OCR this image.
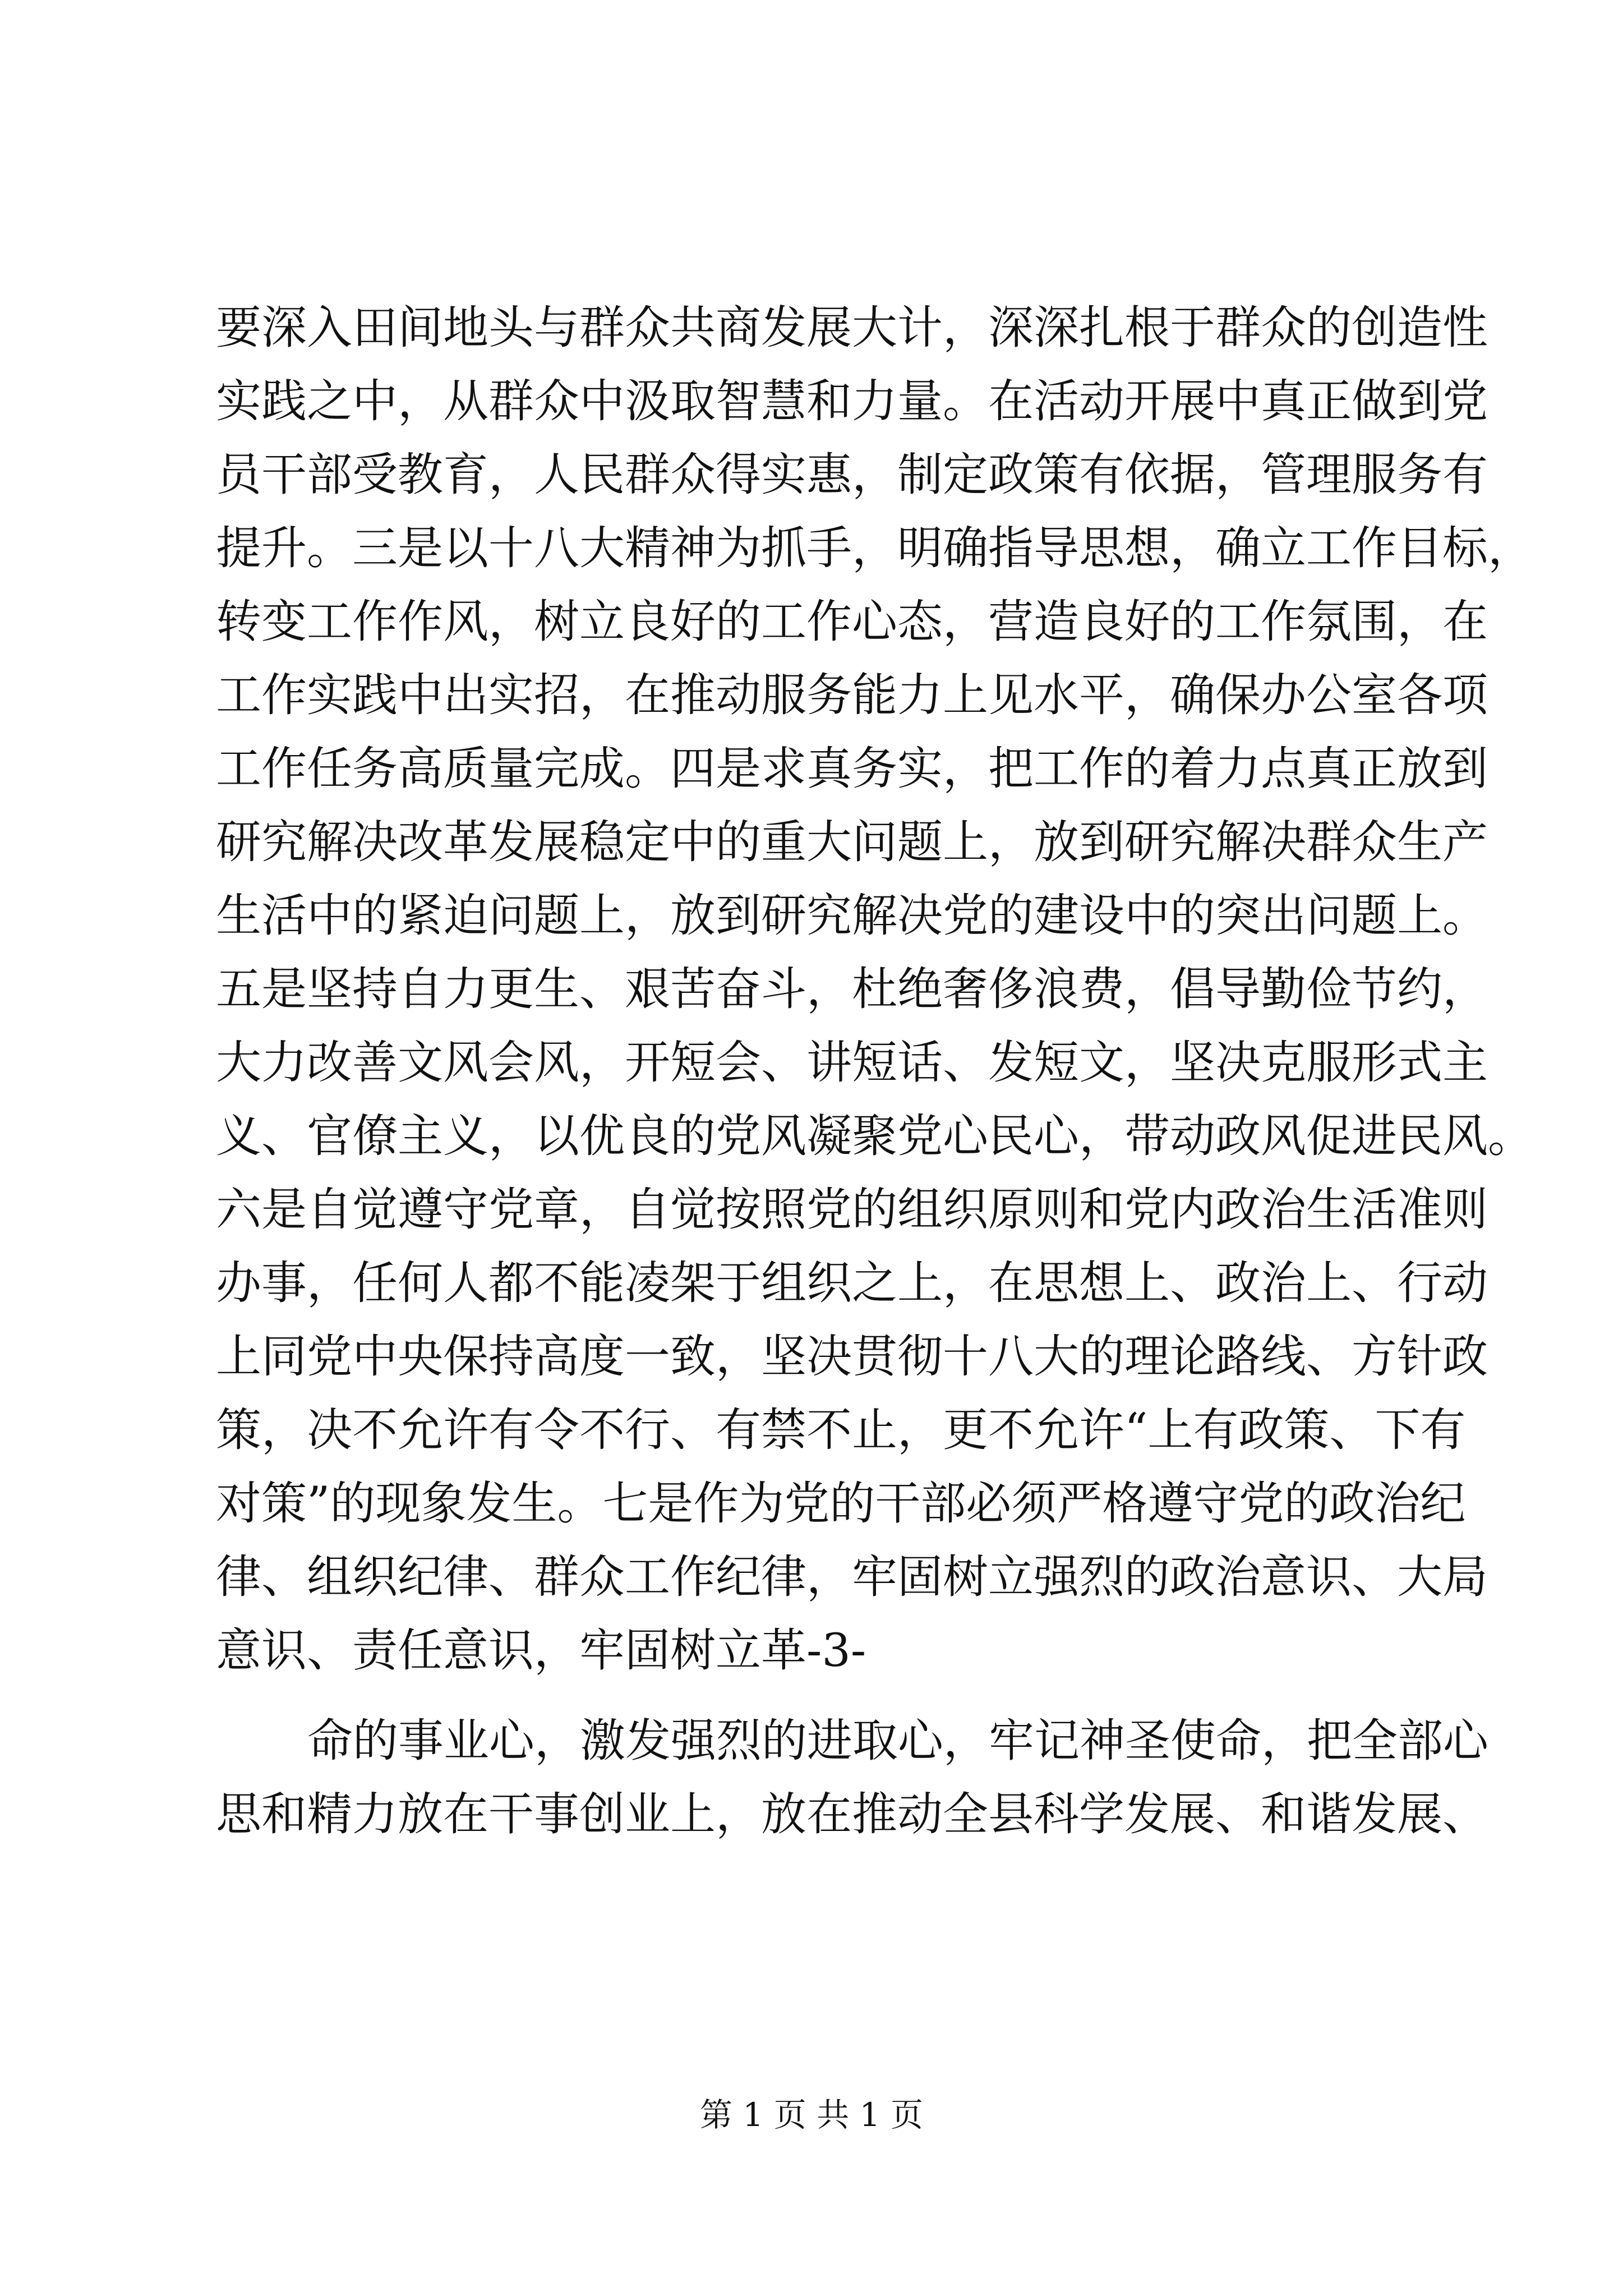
要深入田间地头与群众共商发展大计，深深扎根于群众的创造性
实践之中，从群众中汲取智慧和力量。在活动开展中真正做到党
员干部受教育，人民群众得实惠，制定政策有依据，管理服务有
提升。三是以十八大精神为抓手，明确指导思想，确立工作目标，
转变工作作风，树立良好的工作心态，营造良好的工作氛围，在
工作实践中出实招，在推动服务能力上见水平，确保办公室各项
工作任务高质量完成。四是求真务实，把工作的着力点真正放到
研究解决改革发展稳定中的重大问题上，放到研究解决群众生产
生活中的紧迫问题上，放到研究解决党的建设中的突出问题上。
五是坚持自力更生、艰苦奋斗，杜绝奢侈浪费，倡导勤俭节约，
大力改善文风会风，开短会、讲短话、发短文，坚决克服形式主
义、官僚主义，以优良的党风凝聚党心民心，带动政风促进民风。
六是自觉遵守党章，自觉按照党的组织原则和党内政治生活准则
办事，任何人都不能凌架于组织之上，在思想上、政治上、行动
上同党中央保持高度一致，坚决贯彻十八大的理论路线、方针政
策，决不允许有令不行、有禁不止，更不允许“上有政策、下有
对策”的现象发生。七是作为党的干部必须严格遵守党的政治纪
律、组织纪律、群众工作纪律，牢固树立强烈的政治意识、大局
意识、责任意识，牢固树立革-3-
命的事业心，激发强烈的进取心，牢记神圣使命，把全部心
思和精力放在干事创业上，放在推动全县科学发展、和谐发展、
第 1 页 共 1 页
